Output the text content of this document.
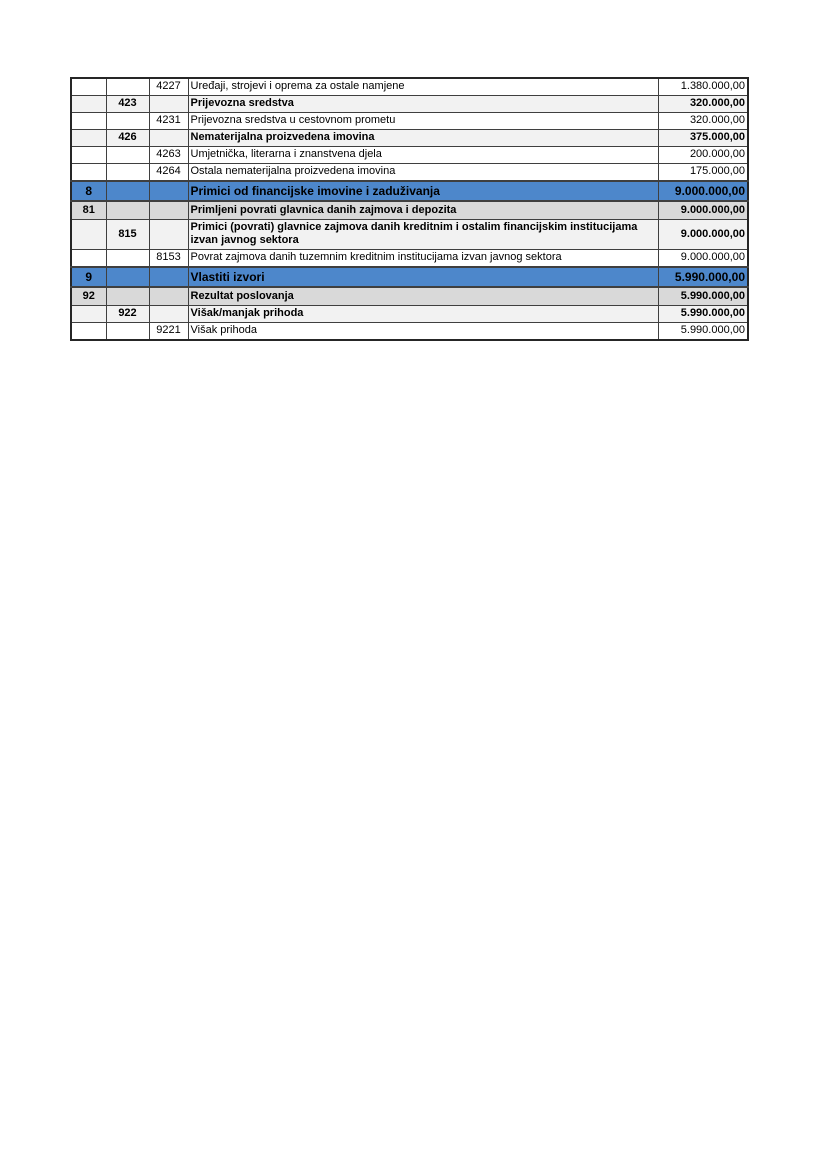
		4227	Uređaji, strojevi i oprema za ostale namjene	1.380.000,00
	423		Prijevozna sredstva	320.000,00
		4231	Prijevozna sredstva u cestovnom prometu	320.000,00
	426		Nematerijalna proizvedena imovina	375.000,00
		4263	Umjetnička, literarna i znanstvena djela	200.000,00
		4264	Ostala nematerijalna proizvedena imovina	175.000,00
8			Primici od financijske imovine i zaduživanja	9.000.000,00
81			Primljeni povrati glavnica danih zajmova i depozita	9.000.000,00
	815		Primici (povrati) glavnice zajmova danih kreditnim i ostalim financijskim institucijama izvan javnog sektora	9.000.000,00
		8153	Povrat zajmova danih tuzemnim kreditnim institucijama izvan javnog sektora	9.000.000,00
9			Vlastiti izvori	5.990.000,00
92			Rezultat poslovanja	5.990.000,00
	922		Višak/manjak prihoda	5.990.000,00
		9221	Višak prihoda	5.990.000,00
